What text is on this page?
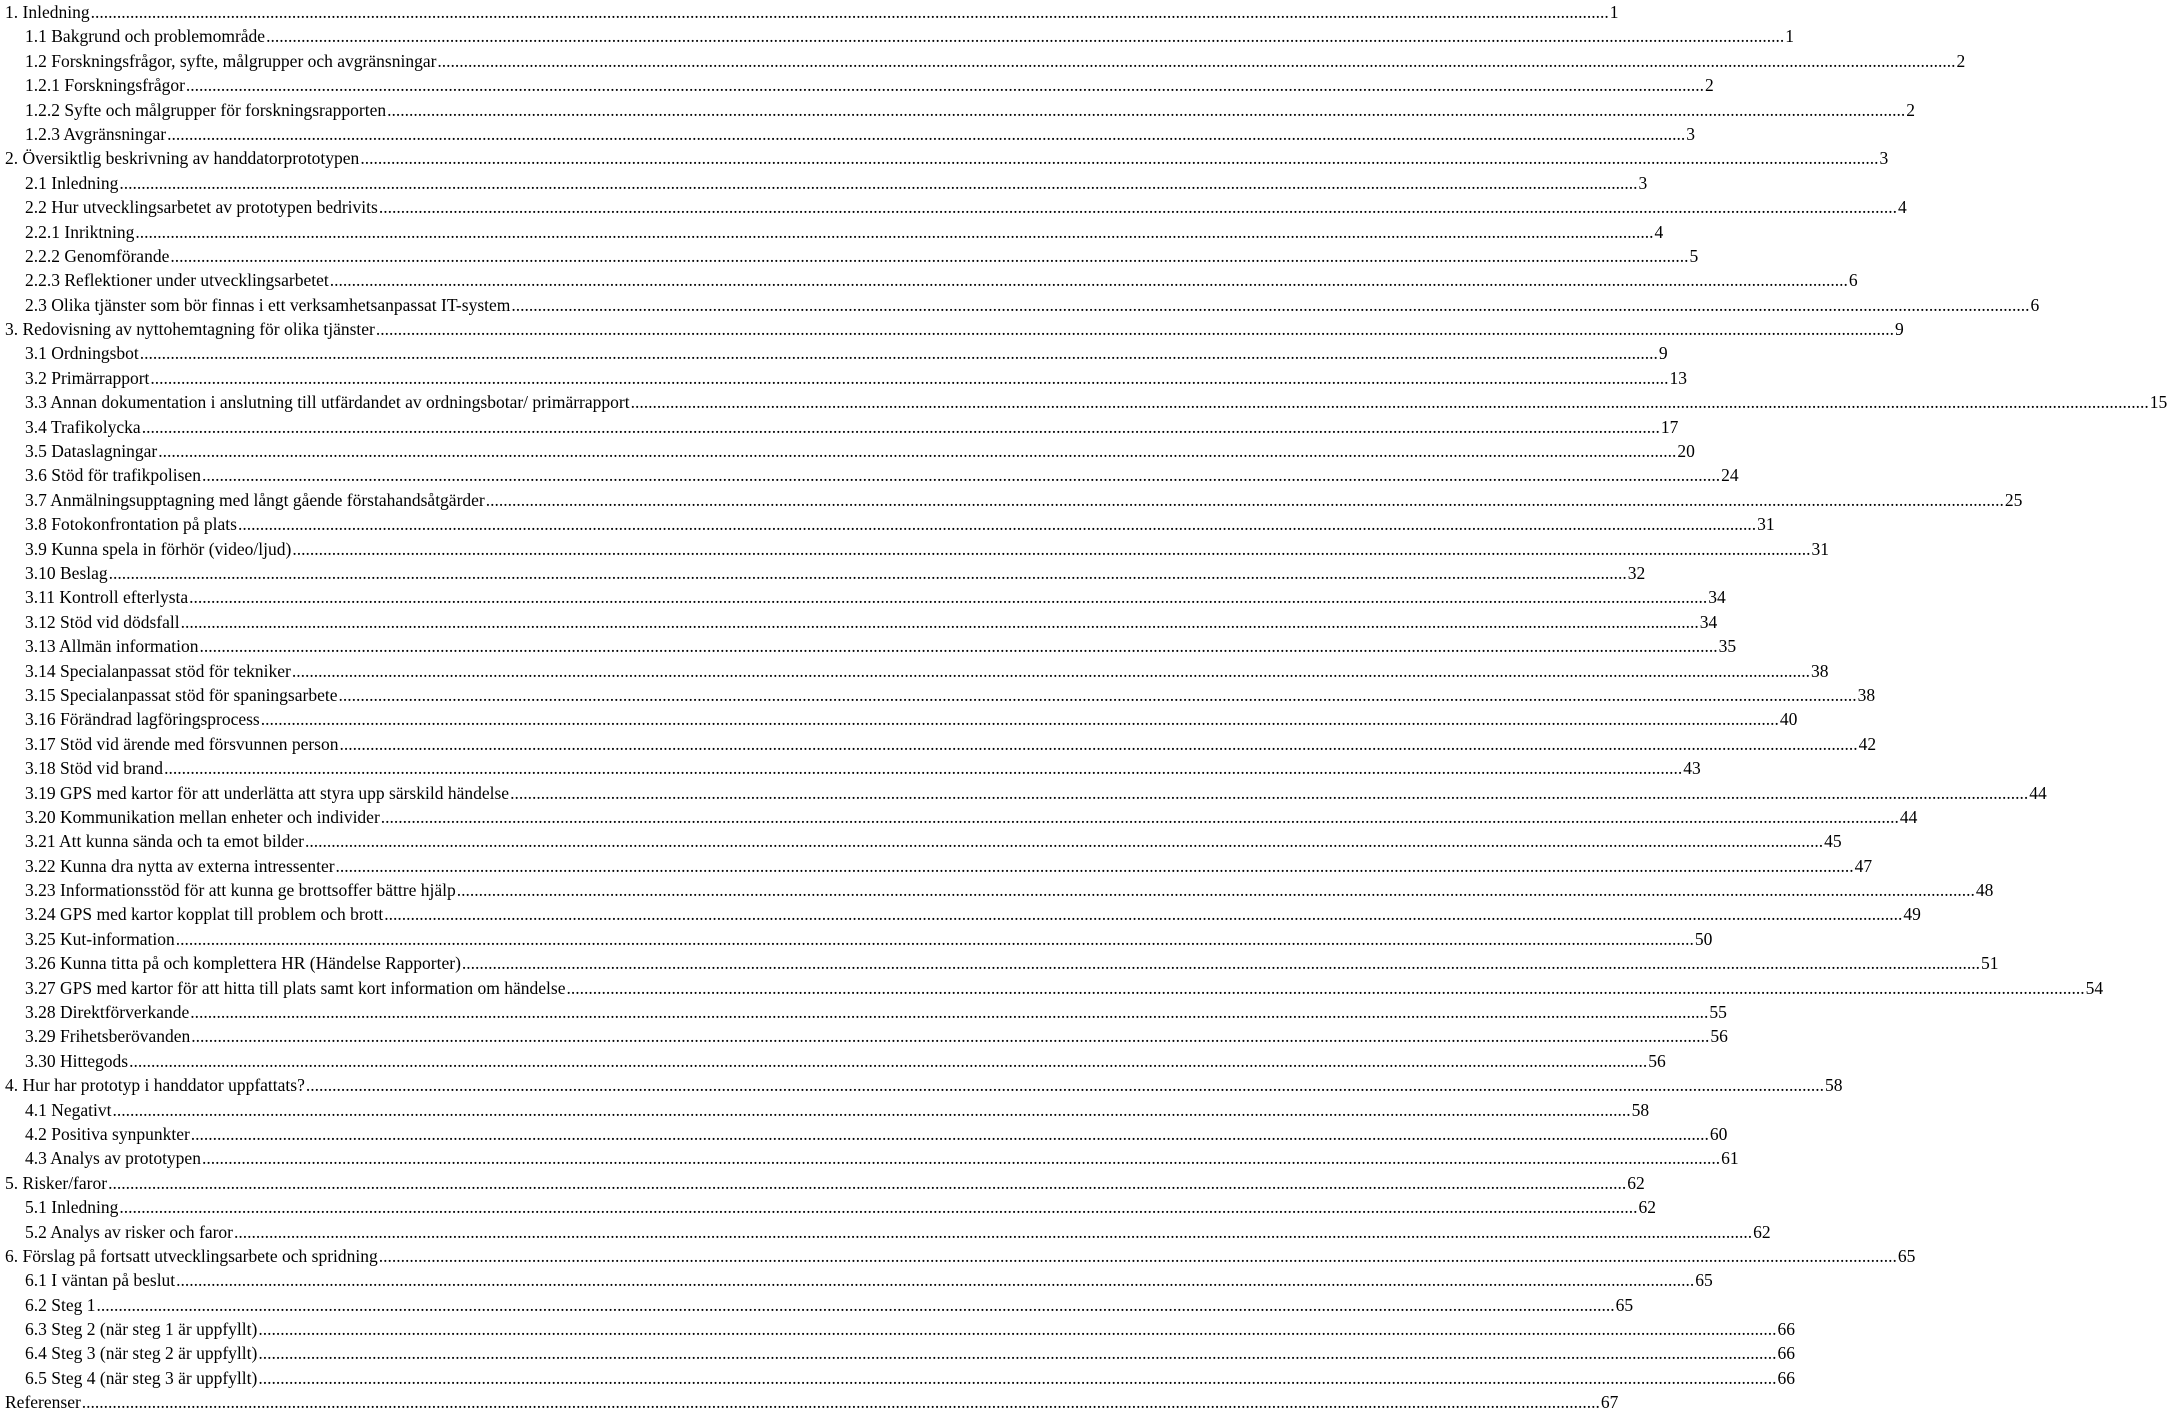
1. Inledning ........................................................................................................................................................................................................................................................................................................................................................... 1
1.1 Bakgrund och problemområde ........................................................................................................................................................................................................................................................................................................................................................... 1
1.2 Forskningsfrågor, syfte, målgrupper och avgränsningar ........................................................................................................................................................................................................................................................................................................................................................... 2
1.2.1 Forskningsfrågor ........................................................................................................................................................................................................................................................................................................................................................... 2
1.2.2 Syfte och målgrupper för forskningsrapporten ........................................................................................................................................................................................................................................................................................................................................................... 2
1.2.3 Avgränsningar ........................................................................................................................................................................................................................................................................................................................................................... 3
2. Översiktlig beskrivning av handdatorprototypen ........................................................................................................................................................................................................................................................................................................................................................... 3
2.1 Inledning ........................................................................................................................................................................................................................................................................................................................................................... 3
2.2 Hur utvecklingsarbetet av prototypen bedrivits ........................................................................................................................................................................................................................................................................................................................................................... 4
2.2.1 Inriktning ........................................................................................................................................................................................................................................................................................................................................................... 4
2.2.2 Genomförande ........................................................................................................................................................................................................................................................................................................................................................... 5
2.2.3 Reflektioner under utvecklingsarbetet ........................................................................................................................................................................................................................................................................................................................................................... 6
2.3 Olika tjänster som bör finnas i ett verksamhetsanpassat IT-system ........................................................................................................................................................................................................................................................................................................................................................... 6
3. Redovisning av nyttohemtagning för olika tjänster ........................................................................................................................................................................................................................................................................................................................................................... 9
3.1 Ordningsbot ........................................................................................................................................................................................................................................................................................................................................................... 9
3.2 Primärrapport ........................................................................................................................................................................................................................................................................................................................................................... 13
3.3 Annan dokumentation i anslutning till utfärdandet av ordningsbotar/ primärrapport ........................................................................................................................................................................................................................................................................................................................................................... 15
3.4 Trafikolycka ........................................................................................................................................................................................................................................................................................................................................................... 17
3.5 Dataslagningar ........................................................................................................................................................................................................................................................................................................................................................... 20
3.6 Stöd för trafikpolisen ........................................................................................................................................................................................................................................................................................................................................................... 24
3.7 Anmälningsupptagning med långt gående förstahandsåtgärder ........................................................................................................................................................................................................................................................................................................................................................... 25
3.8 Fotokonfrontation på plats ........................................................................................................................................................................................................................................................................................................................................................... 31
3.9 Kunna spela in förhör (video/ljud) ........................................................................................................................................................................................................................................................................................................................................................... 31
3.10 Beslag ........................................................................................................................................................................................................................................................................................................................................................... 32
3.11 Kontroll efterlysta ........................................................................................................................................................................................................................................................................................................................................................... 34
3.12 Stöd vid dödsfall ........................................................................................................................................................................................................................................................................................................................................................... 34
3.13 Allmän information ........................................................................................................................................................................................................................................................................................................................................................... 35
3.14 Specialanpassat stöd för tekniker ........................................................................................................................................................................................................................................................................................................................................................... 38
3.15 Specialanpassat stöd för spaningsarbete ........................................................................................................................................................................................................................................................................................................................................................... 38
3.16 Förändrad lagföringsprocess ........................................................................................................................................................................................................................................................................................................................................................... 40
3.17 Stöd vid ärende med försvunnen person ........................................................................................................................................................................................................................................................................................................................................................... 42
3.18 Stöd vid brand ........................................................................................................................................................................................................................................................................................................................................................... 43
3.19 GPS med kartor för att underlätta att styra upp särskild händelse ........................................................................................................................................................................................................................................................................................................................................................... 44
3.20 Kommunikation mellan enheter och individer ........................................................................................................................................................................................................................................................................................................................................................... 44
3.21 Att kunna sända och ta emot bilder ........................................................................................................................................................................................................................................................................................................................................................... 45
3.22 Kunna dra nytta av externa intressenter ........................................................................................................................................................................................................................................................................................................................................................... 47
3.23 Informationsstöd för att kunna ge brottsoffer bättre hjälp ........................................................................................................................................................................................................................................................................................................................................................... 48
3.24 GPS med kartor kopplat till problem och brott ........................................................................................................................................................................................................................................................................................................................................................... 49
3.25 Kut-information ........................................................................................................................................................................................................................................................................................................................................................... 50
3.26 Kunna titta på och komplettera HR (Händelse Rapporter) ........................................................................................................................................................................................................................................................................................................................................................... 51
3.27 GPS med kartor för att hitta till plats samt kort information om händelse ........................................................................................................................................................................................................................................................................................................................................................... 54
3.28 Direktförverkande ........................................................................................................................................................................................................................................................................................................................................................... 55
3.29 Frihetsberövanden ........................................................................................................................................................................................................................................................................................................................................................... 56
3.30 Hittegods ........................................................................................................................................................................................................................................................................................................................................................... 56
4. Hur har prototyp i handdator uppfattats? ........................................................................................................................................................................................................................................................................................................................................................... 58
4.1 Negativt ........................................................................................................................................................................................................................................................................................................................................................... 58
4.2 Positiva synpunkter ........................................................................................................................................................................................................................................................................................................................................................... 60
4.3 Analys av prototypen ........................................................................................................................................................................................................................................................................................................................................................... 61
5. Risker/faror ........................................................................................................................................................................................................................................................................................................................................................... 62
5.1 Inledning ........................................................................................................................................................................................................................................................................................................................................................... 62
5.2 Analys av risker och faror ........................................................................................................................................................................................................................................................................................................................................................... 62
6. Förslag på fortsatt utvecklingsarbete och spridning ........................................................................................................................................................................................................................................................................................................................................................... 65
6.1 I väntan på beslut ........................................................................................................................................................................................................................................................................................................................................................... 65
6.2 Steg 1 ........................................................................................................................................................................................................................................................................................................................................................... 65
6.3 Steg 2 (när steg 1 är uppfyllt) ........................................................................................................................................................................................................................................................................................................................................................... 66
6.4 Steg 3 (när steg 2 är uppfyllt) ........................................................................................................................................................................................................................................................................................................................................................... 66
6.5 Steg 4 (när steg 3 är uppfyllt) ........................................................................................................................................................................................................................................................................................................................................................... 66
Referenser ........................................................................................................................................................................................................................................................................................................................................................... 67
